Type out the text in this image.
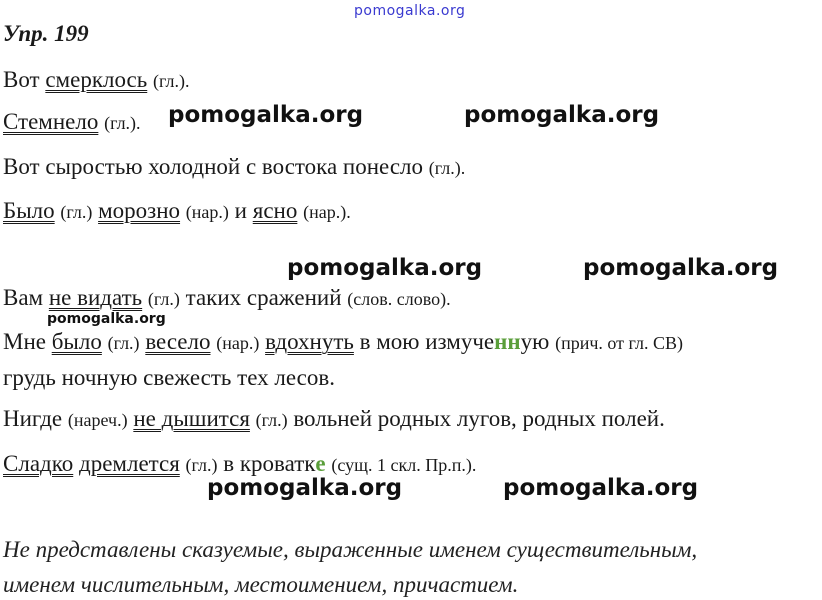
pomogalka.org
Упр. 199
Вот смерклось (гл.).
Стемнело (гл.).
Вот сыростью холодной с востока понесло (гл.).
Было (гл.) морозно (нар.) и ясно (нар.).
Вам не видать (гл.) таких сражений (слов. слово).
Мне было (гл.) весело (нар.) вдохнуть в мою измученную (прич. от гл. СВ)
грудь ночную свежесть тех лесов.
Нигде (нареч.) не дышится (гл.) вольней родных лугов, родных полей.
Сладко дремлется (гл.) в кроватке (сущ. 1 скл. Пр.п.).
Не представлены сказуемые, выраженные именем существительным,
именем числительным, местоимением, причастием.
pomogalka.org	pomogalka.org
pomogalka.org	pomogalka.org
pomogalka.org
pomogalka.org	pomogalka.org
